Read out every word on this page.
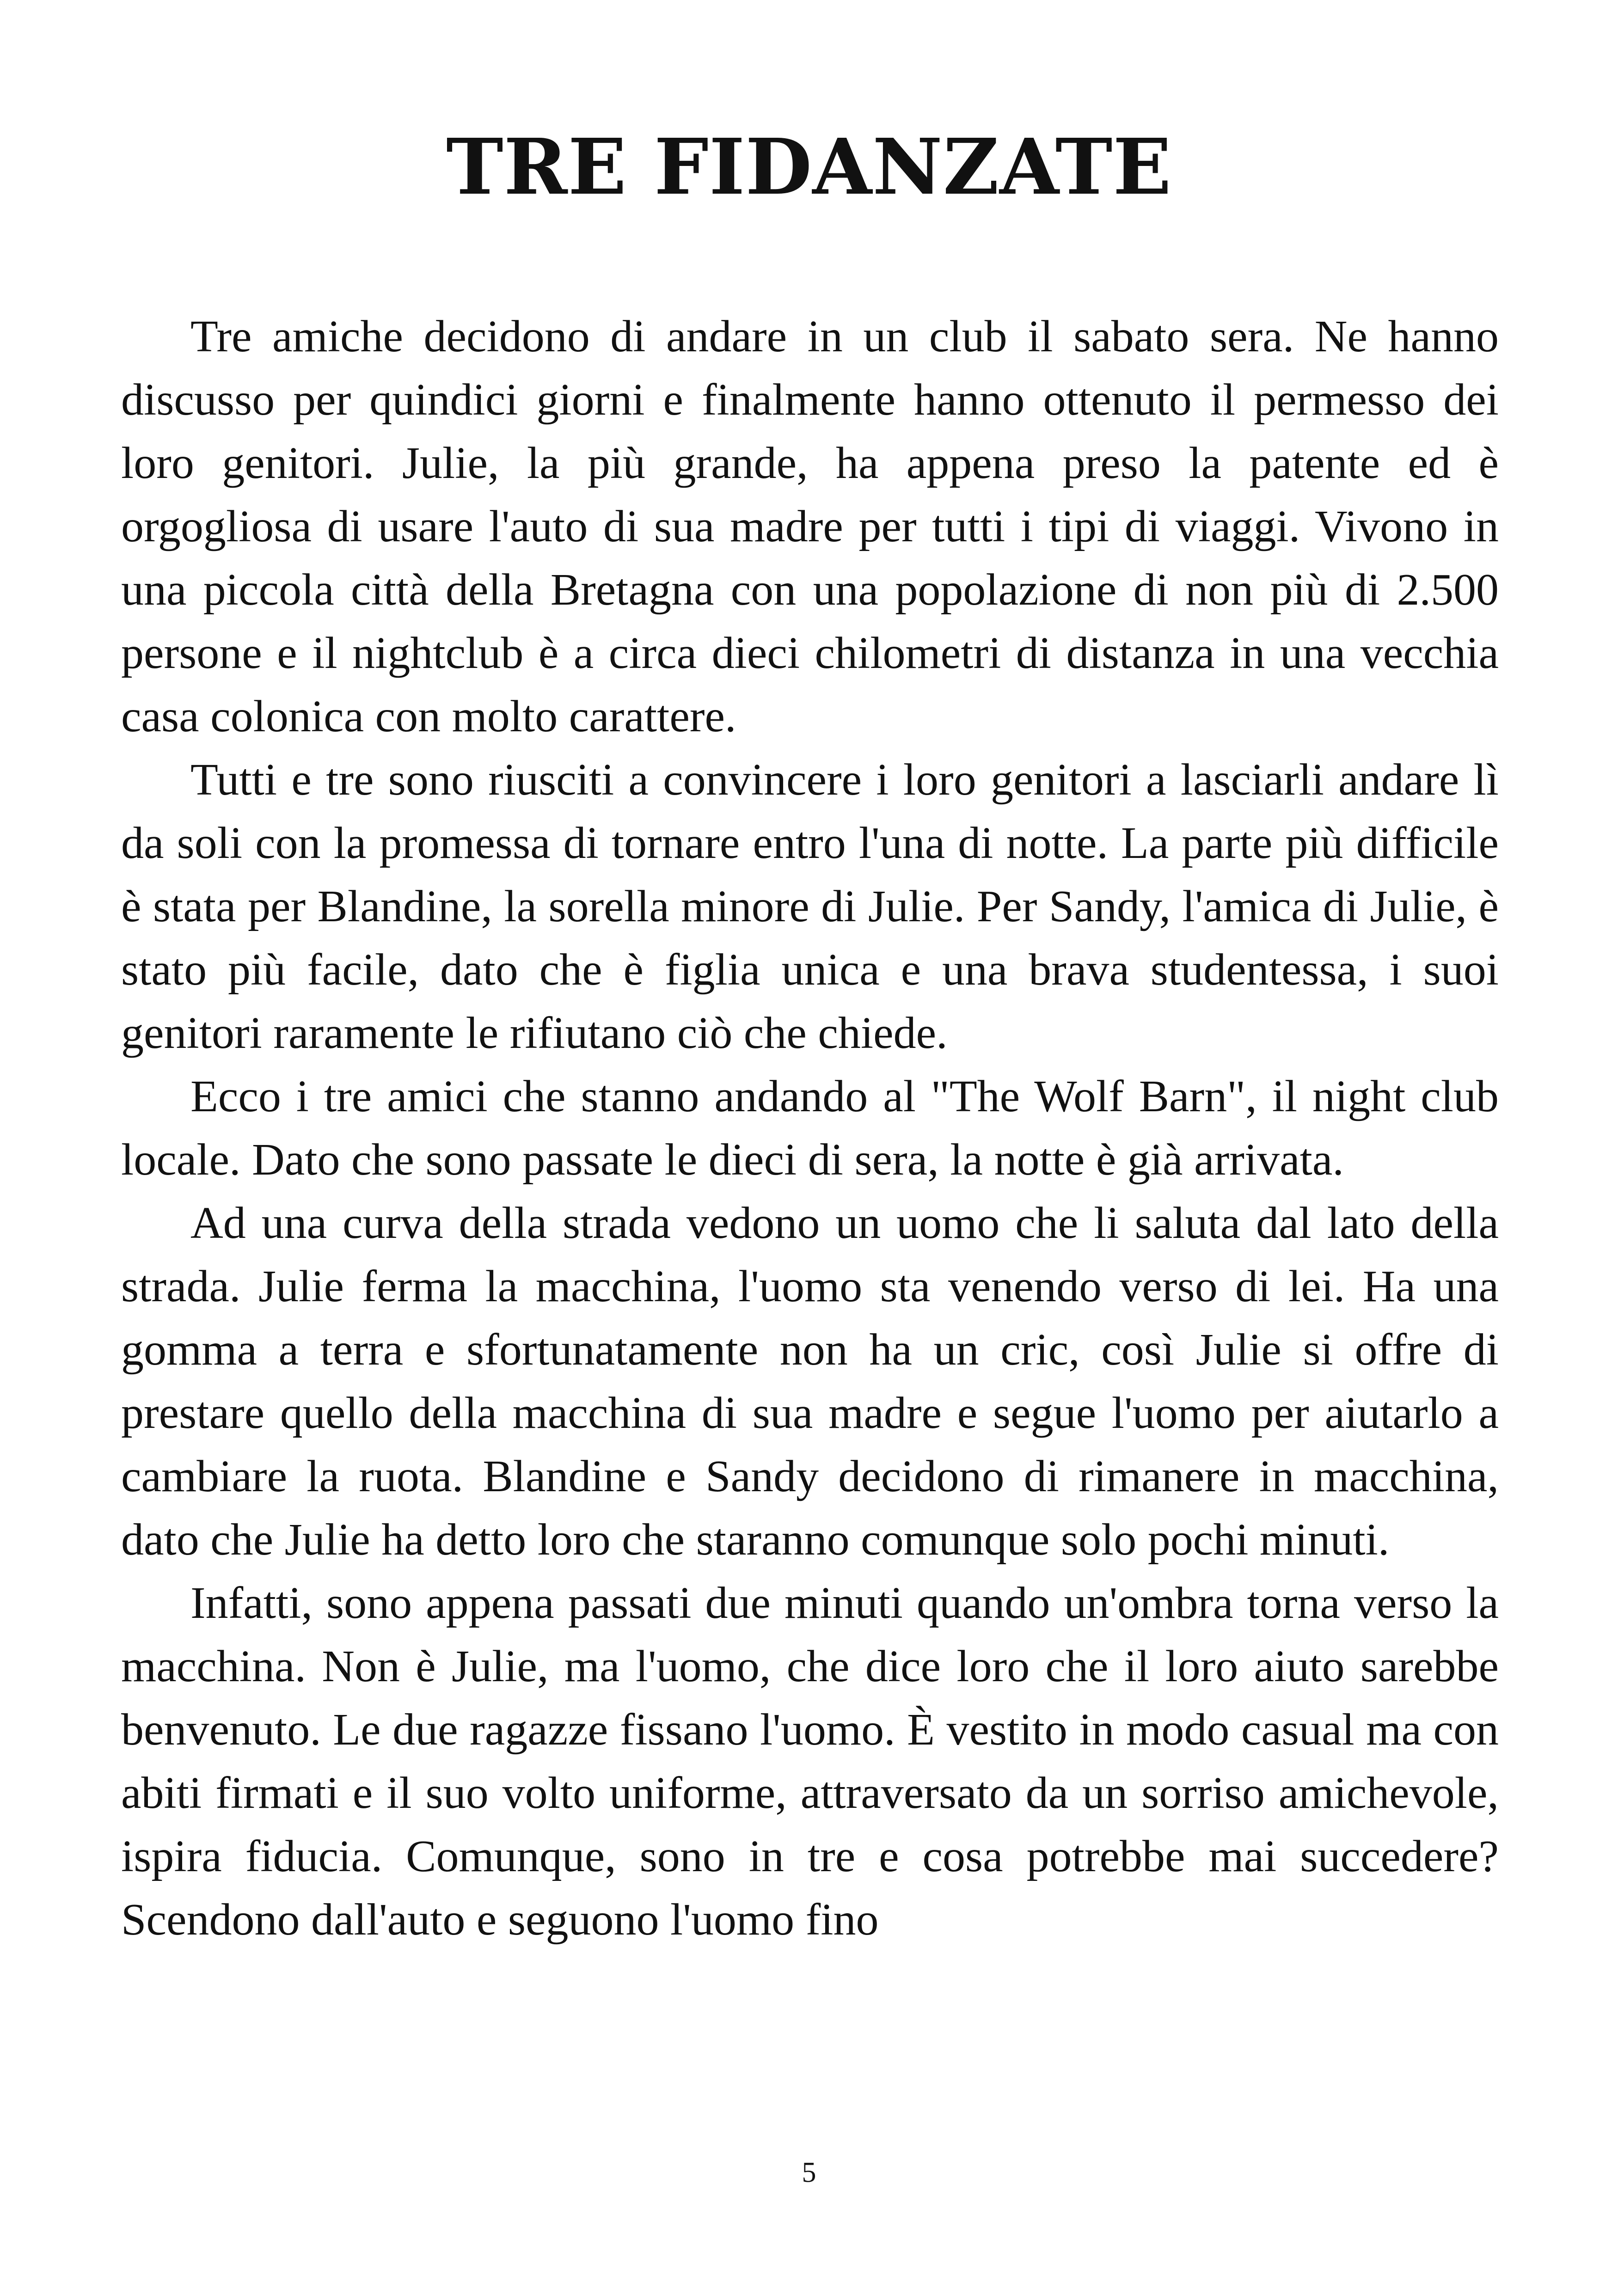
TRE FIDANZATE

Tre amiche decidono di andare in un club il sabato sera. Ne hanno discusso per quindici giorni e finalmente hanno ottenuto il permesso dei loro genitori. Julie, la più grande, ha appena preso la patente ed è orgogliosa di usare l'auto di sua madre per tutti i tipi di viaggi. Vivono in una piccola città della Bretagna con una popolazione di non più di 2.500 persone e il nightclub è a circa dieci chilometri di distanza in una vecchia casa colonica con molto carattere.

Tutti e tre sono riusciti a convincere i loro genitori a lasciarli andare lì da soli con la promessa di tornare entro l'una di notte. La parte più difficile è stata per Blandine, la sorella minore di Julie. Per Sandy, l'amica di Julie, è stato più facile, dato che è figlia unica e una brava studentessa, i suoi genitori raramente le rifiutano ciò che chiede.

Ecco i tre amici che stanno andando al "The Wolf Barn", il night club locale. Dato che sono passate le dieci di sera, la notte è già arrivata.

Ad una curva della strada vedono un uomo che li saluta dal lato della strada. Julie ferma la macchina, l'uomo sta venendo verso di lei. Ha una gomma a terra e sfortunatamente non ha un cric, così Julie si offre di prestare quello della macchina di sua madre e segue l'uomo per aiutarlo a cambiare la ruota. Blandine e Sandy decidono di rimanere in macchina, dato che Julie ha detto loro che staranno comunque solo pochi minuti.

Infatti, sono appena passati due minuti quando un'ombra torna verso la macchina. Non è Julie, ma l'uomo, che dice loro che il loro aiuto sarebbe benvenuto. Le due ragazze fissano l'uomo. È vestito in modo casual ma con abiti firmati e il suo volto uniforme, attraversato da un sorriso amichevole, ispira fiducia. Comunque, sono in tre e cosa potrebbe mai succedere? Scendono dall'auto e seguono l'uomo fino

5
